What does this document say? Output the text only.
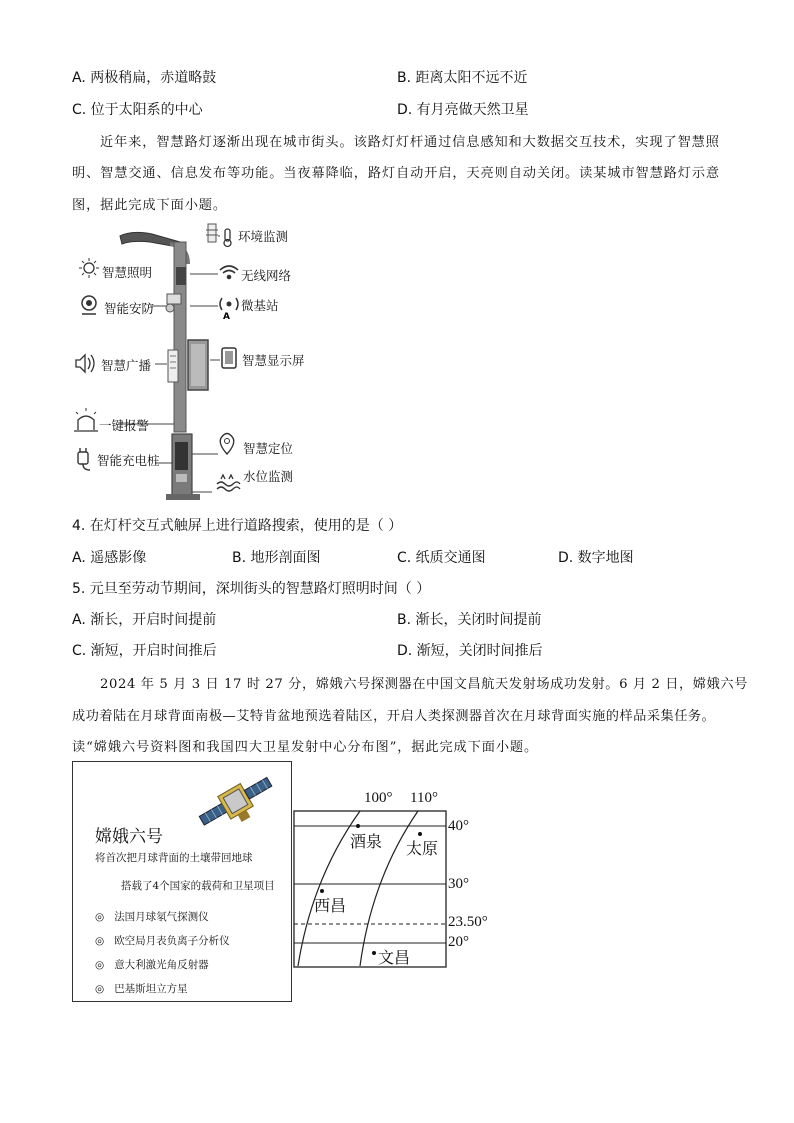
A. 两极稍扁，赤道略鼓	B. 距离太阳不远不近
C. 位于太阳系的中心	D. 有月亮做天然卫星
近年来，智慧路灯逐渐出现在城市街头。该路灯灯杆通过信息感知和大数据交互技术，实现了智慧照
明、智慧交通、信息发布等功能。当夜幕降临，路灯自动开启，天亮则自动关闭。读某城市智慧路灯示意
图，据此完成下面小题。
A
环境监测
智慧照明	无线网络
智能安防	微基站
智慧显示屏
智慧广播
一键报警
智慧定位
智能充电桩
水位监测
4. 在灯杆交互式触屏上进行道路搜索，使用的是（ ）
A. 遥感影像	B. 地形剖面图	C. 纸质交通图	D. 数字地图
5. 元旦至劳动节期间，深圳街头的智慧路灯照明时间（ ）
A. 渐长，开启时间提前	B. 渐长，关闭时间提前
C. 渐短，开启时间推后	D. 渐短，关闭时间推后
2024 年 5 月 3 日 17 时 27 分，嫦娥六号探测器在中国文昌航天发射场成功发射。6 月 2 日，嫦娥六号
成功着陆在月球背面南极—艾特肯盆地预选着陆区，开启人类探测器首次在月球背面实施的样品采集任务。
读“嫦娥六号资料图和我国四大卫星发射中心分布图”，据此完成下面小题。
嫦娥六号
将首次把月球背面的土壤带回地球
搭载了4个国家的载荷和卫星项目
◎ 法国月球氡气探测仪
◎ 欧空局月表负离子分析仪
◎ 意大利激光角反射器
◎ 巴基斯坦立方星
100° 110°
40°
30°
23.50°
20°
酒泉 太原
西昌
文昌
